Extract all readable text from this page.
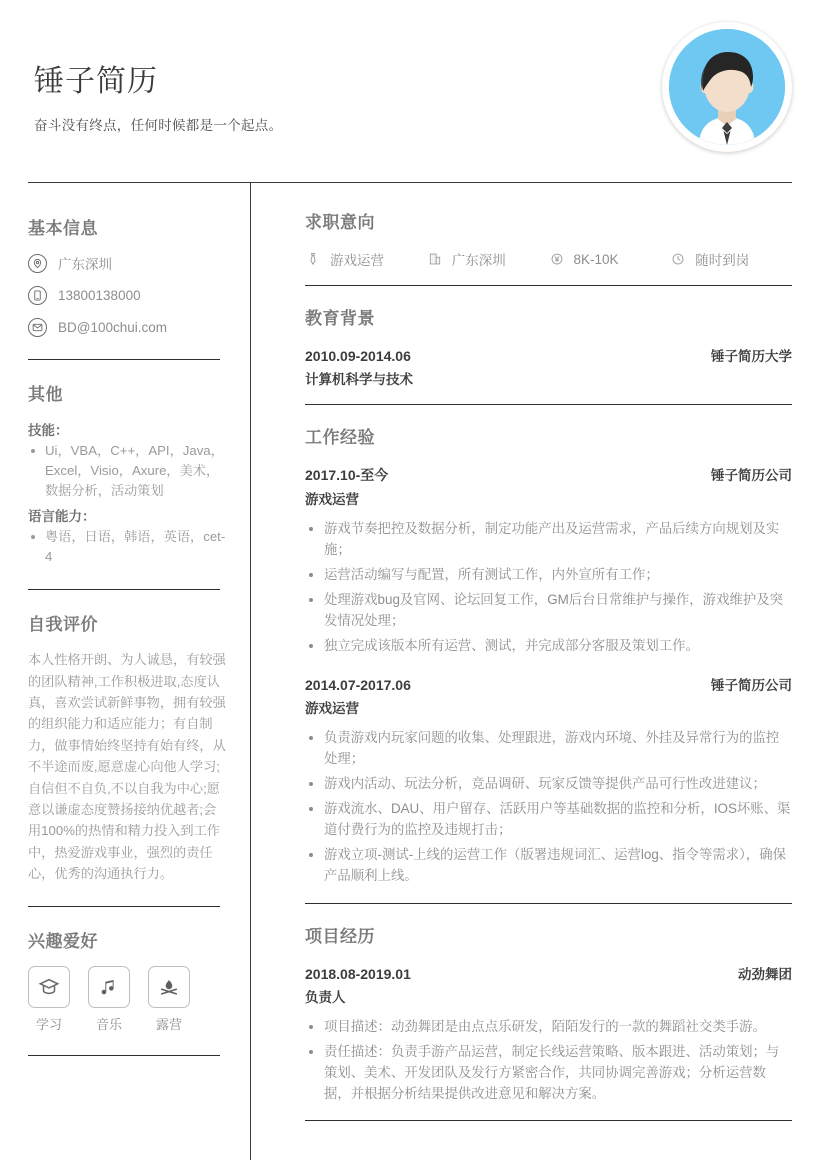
锤子简历
奋斗没有终点，任何时候都是一个起点。
基本信息
广东深圳
13800138000
BD@100chui.com
其他
技能：
Ui，VBA，C++，API，Java，Excel，Visio，Axure，美术，数据分析，活动策划
语言能力：
粤语，日语，韩语，英语，cet-4
自我评价
本人性格开朗、为人诚恳，有较强的团队精神,工作积极进取,态度认真，喜欢尝试新鲜事物，拥有较强的组织能力和适应能力；有自制力，做事情始终坚持有始有终，从不半途而废,愿意虚心向他人学习;自信但不自负,不以自我为中心;愿意以谦虚态度赞扬接纳优越者;会用100%的热情和精力投入到工作中，热爱游戏事业，强烈的责任心，优秀的沟通执行力。
兴趣爱好
学习	音乐	露营
求职意向
游戏运营	广东深圳	8K-10K	随时到岗
教育背景
2010.09-2014.06	锤子简历大学
计算机科学与技术
工作经验
2017.10-至今	锤子简历公司
游戏运营
游戏节奏把控及数据分析，制定功能产出及运营需求，产品后续方向规划及实施；
运营活动编写与配置，所有测试工作，内外宣所有工作；
处理游戏bug及官网、论坛回复工作，GM后台日常维护与操作，游戏维护及突发情况处理；
独立完成该版本所有运营、测试，并完成部分客服及策划工作。
2014.07-2017.06	锤子简历公司
游戏运营
负责游戏内玩家问题的收集、处理跟进，游戏内环境、外挂及异常行为的监控处理；
游戏内活动、玩法分析，竞品调研、玩家反馈等提供产品可行性改进建议；
游戏流水、DAU、用户留存、活跃用户等基础数据的监控和分析，IOS坏账、渠道付费行为的监控及违规打击；
游戏立项-测试-上线的运营工作（版署违规词汇、运营log、指令等需求），确保产品顺利上线。
项目经历
2018.08-2019.01	动劲舞团
负责人
项目描述：动劲舞团是由点点乐研发，陌陌发行的一款的舞蹈社交类手游。
责任描述：负责手游产品运营，制定长线运营策略、版本跟进、活动策划；与策划、美术、开发团队及发行方紧密合作，共同协调完善游戏；分析运营数据，并根据分析结果提供改进意见和解决方案。
